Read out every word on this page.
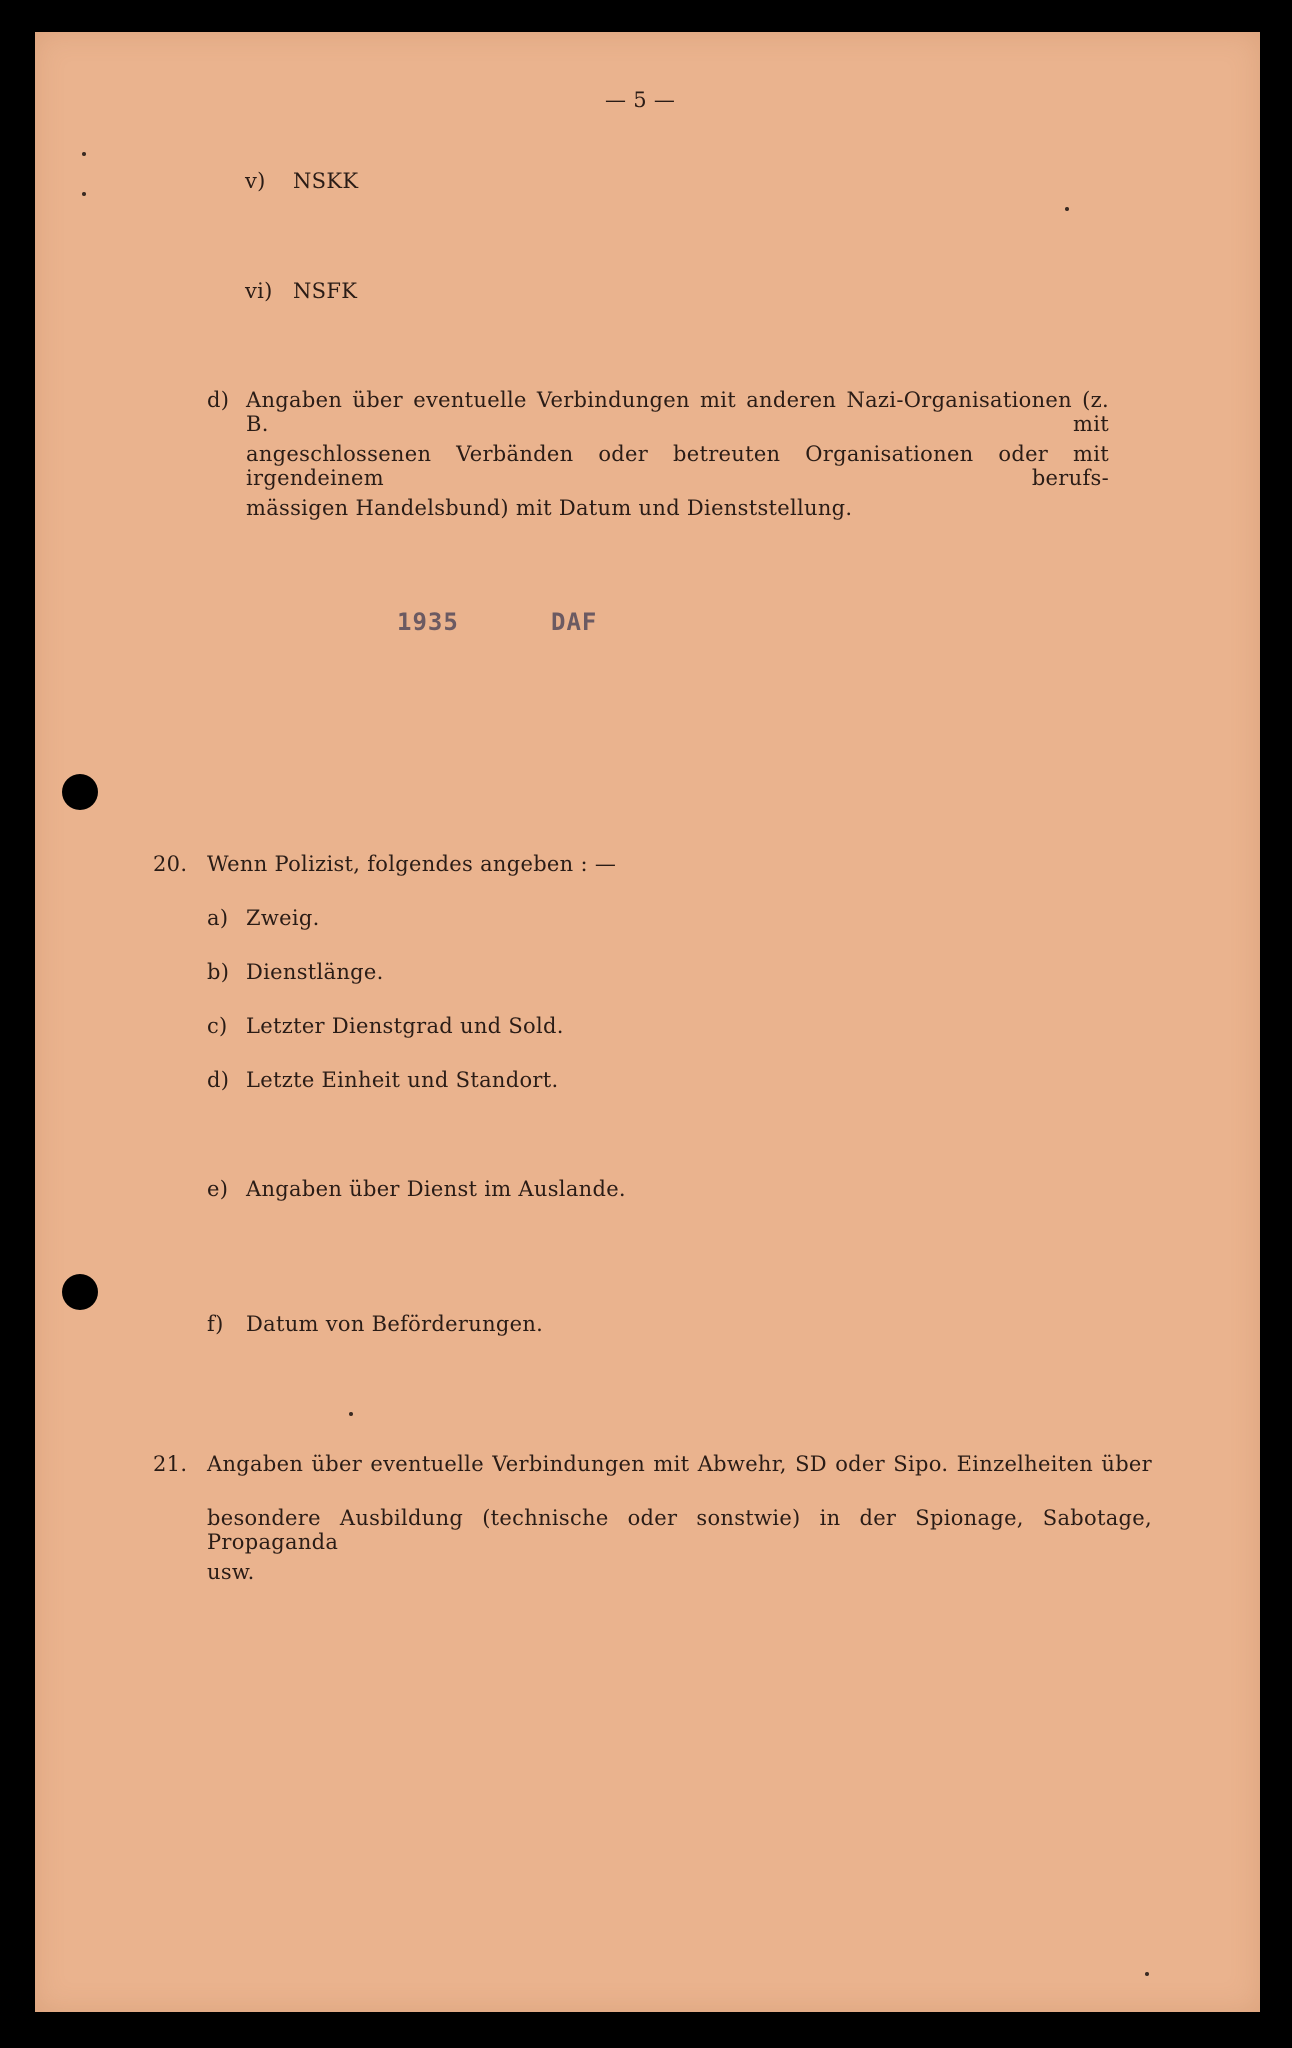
— 5 —
v) NSKK
vi) NSFK
d) Angaben über eventuelle Verbindungen mit anderen Nazi-Organisationen (z. B. mit
angeschlossenen Verbänden oder betreuten Organisationen oder mit irgendeinem berufs-
mässigen Handelsbund) mit Datum und Dienststellung.
1935	DAF
20. Wenn Polizist, folgendes angeben : —
a) Zweig.
b) Dienstlänge.
c) Letzter Dienstgrad und Sold.
d) Letzte Einheit und Standort.
e) Angaben über Dienst im Auslande.
f) Datum von Beförderungen.
21. Angaben über eventuelle Verbindungen mit Abwehr, SD oder Sipo. Einzelheiten über
besondere Ausbildung (technische oder sonstwie) in der Spionage, Sabotage, Propaganda
usw.
